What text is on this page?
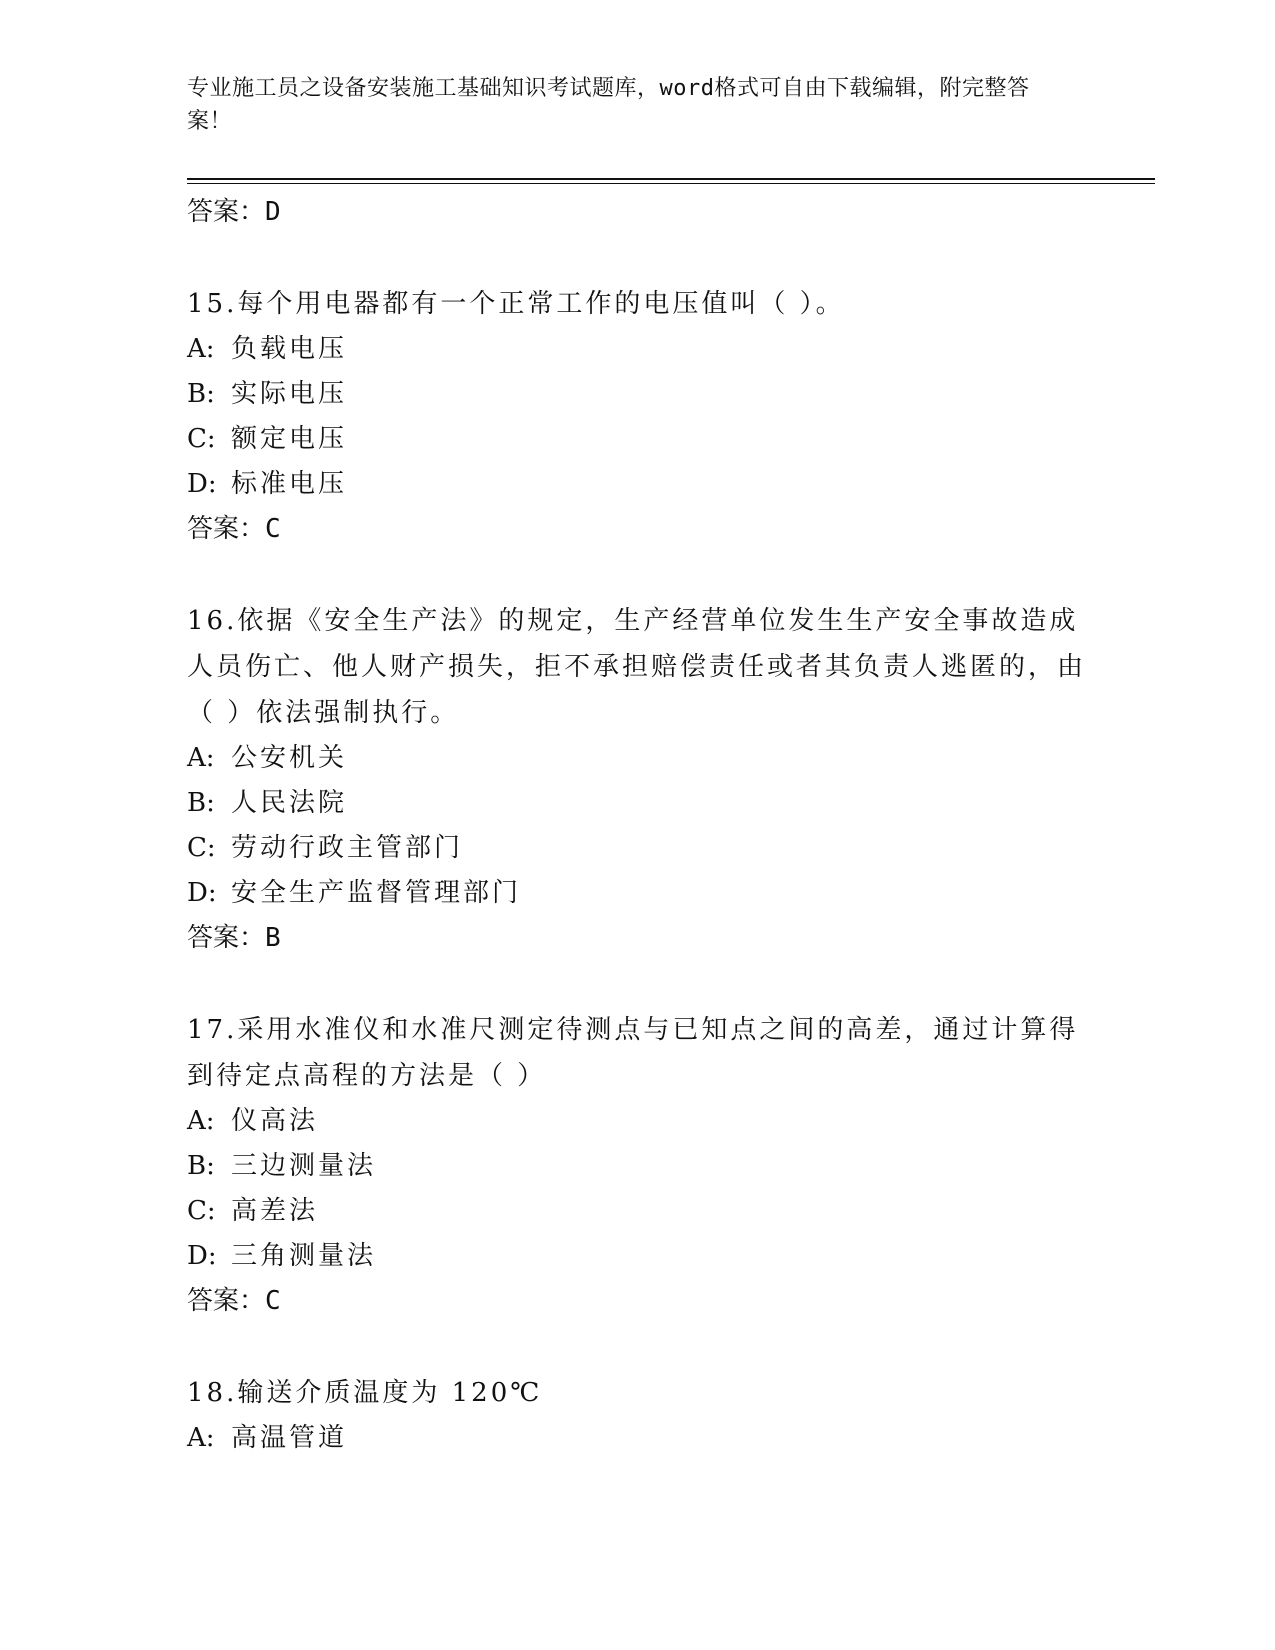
专业施工员之设备安装施工基础知识考试题库，word格式可自由下载编辑，附完整答案！
答案：D
15.每个用电器都有一个正常工作的电压值叫（ ）。
A: 负载电压
B: 实际电压
C: 额定电压
D: 标准电压
答案：C
16.依据《安全生产法》的规定，生产经营单位发生生产安全事故造成人员伤亡、他人财产损失，拒不承担赔偿责任或者其负责人逃匿的，由（ ）依法强制执行。
A: 公安机关
B: 人民法院
C: 劳动行政主管部门
D: 安全生产监督管理部门
答案：B
17.采用水准仪和水准尺测定待测点与已知点之间的高差，通过计算得到待定点高程的方法是（ ）
A: 仪高法
B: 三边测量法
C: 高差法
D: 三角测量法
答案：C
18.输送介质温度为 120℃
A: 高温管道
